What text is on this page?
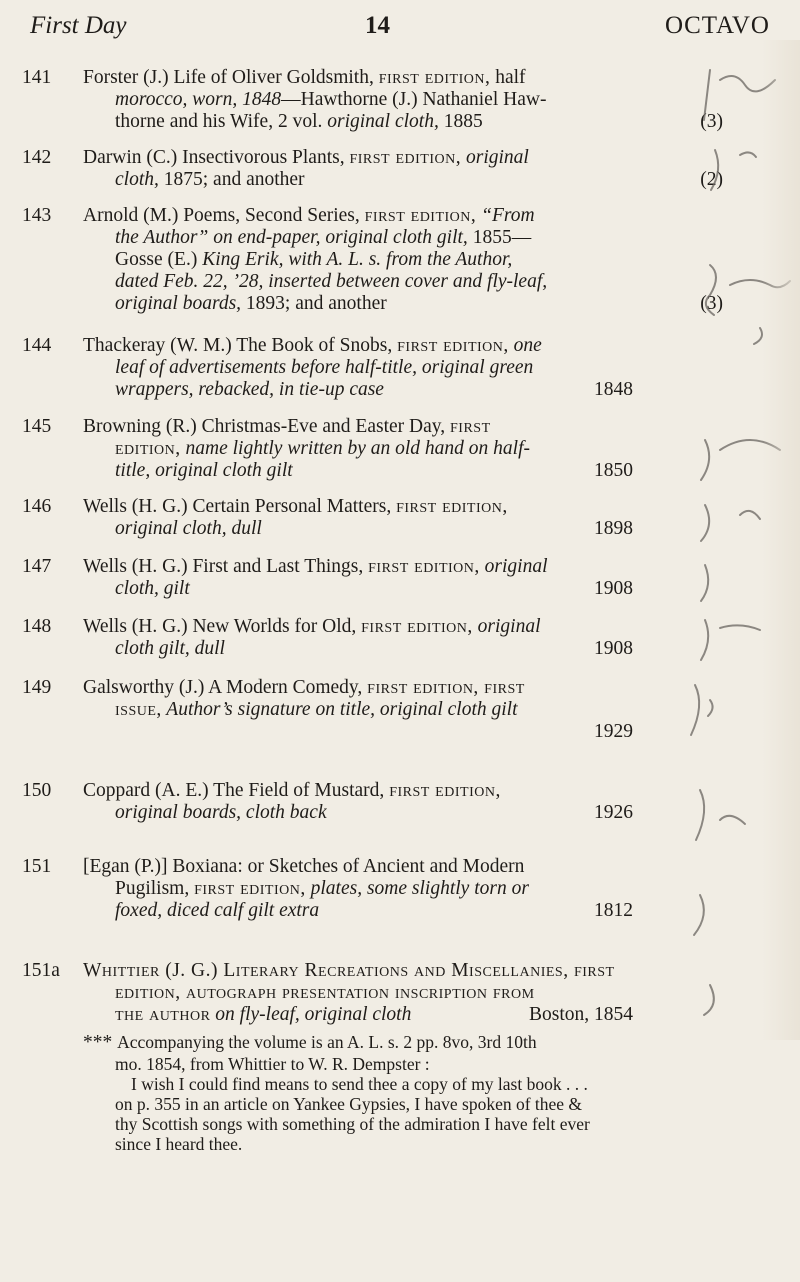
First Day	14	OCTAVO
141 Forster (J.) Life of Oliver Goldsmith, first edition, half

morocco, worn, 1848—Hawthorne (J.) Nathaniel Haw-

thorne and his Wife, 2 vol. original cloth, 1885	(3)

142 Darwin (C.) Insectivorous Plants, first edition, original

cloth, 1875; and another	(2)

143 Arnold (M.) Poems, Second Series, first edition, “From

the Author” on end-paper, original cloth gilt, 1855—

Gosse (E.) King Erik, with A. L. s. from the Author,

dated Feb. 22, ’28, inserted between cover and fly-leaf,

original boards, 1893; and another	(3)

144 Thackeray (W. M.) The Book of Snobs, first edition, one

leaf of advertisements before half-title, original green

wrappers, rebacked, in tie-up case	1848

145 Browning (R.) Christmas-Eve and Easter Day, first

edition, name lightly written by an old hand on half-

title, original cloth gilt	1850

146 Wells (H. G.) Certain Personal Matters, first edition,

original cloth, dull	1898

147 Wells (H. G.) First and Last Things, first edition, original

cloth, gilt	1908

148 Wells (H. G.) New Worlds for Old, first edition, original

cloth gilt, dull	1908

149 Galsworthy (J.) A Modern Comedy, first edition, first

issue, Author’s signature on title, original cloth gilt

1929

150 Coppard (A. E.) The Field of Mustard, first edition,

original boards, cloth back	1926

151 [Egan (P.)] Boxiana: or Sketches of Ancient and Modern

Pugilism, first edition, plates, some slightly torn or

foxed, diced calf gilt extra	1812

151a Whittier (J. G.) Literary Recreations and Miscellanies, first

edition, autograph presentation inscription from

the author on fly-leaf, original cloth	Boston, 1854

*** Accompanying the volume is an A. L. s. 2 pp. 8vo, 3rd 10th

mo. 1854, from Whittier to W. R. Dempster :

I wish I could find means to send thee a copy of my last book . . .

on p. 355 in an article on Yankee Gypsies, I have spoken of thee &

thy Scottish songs with something of the admiration I have felt ever

since I heard thee.
